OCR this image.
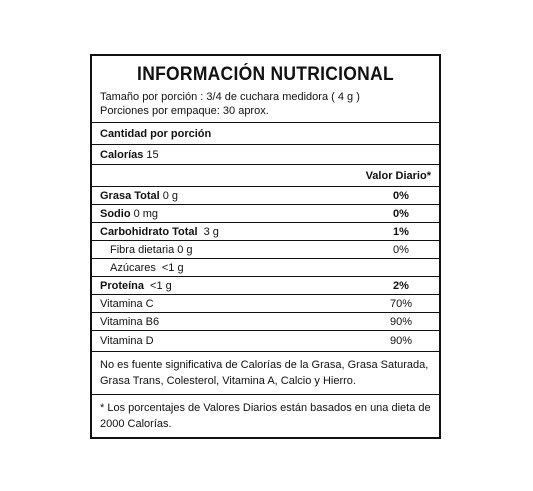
INFORMACIÓN NUTRICIONAL
Tamaño por porción : 3/4 de cuchara medidora ( 4 g )
Porciones por empaque: 30 aprox.
Cantidad por porción
Calorías 15
Valor Diario*
Grasa Total 0 g	0%
Sodio 0 mg	0%
Carbohidrato Total 3 g	1%
Fibra dietaria 0 g	0%
Azúcares <1 g
Proteína <1 g	2%
Vitamina C	70%
Vitamina B6	90%
Vitamina D	90%
No es fuente significativa de Calorías de la Grasa, Grasa Saturada, Grasa Trans, Colesterol, Vitamina A, Calcio y Hierro.
* Los porcentajes de Valores Diarios están basados en una dieta de 2000 Calorías.
